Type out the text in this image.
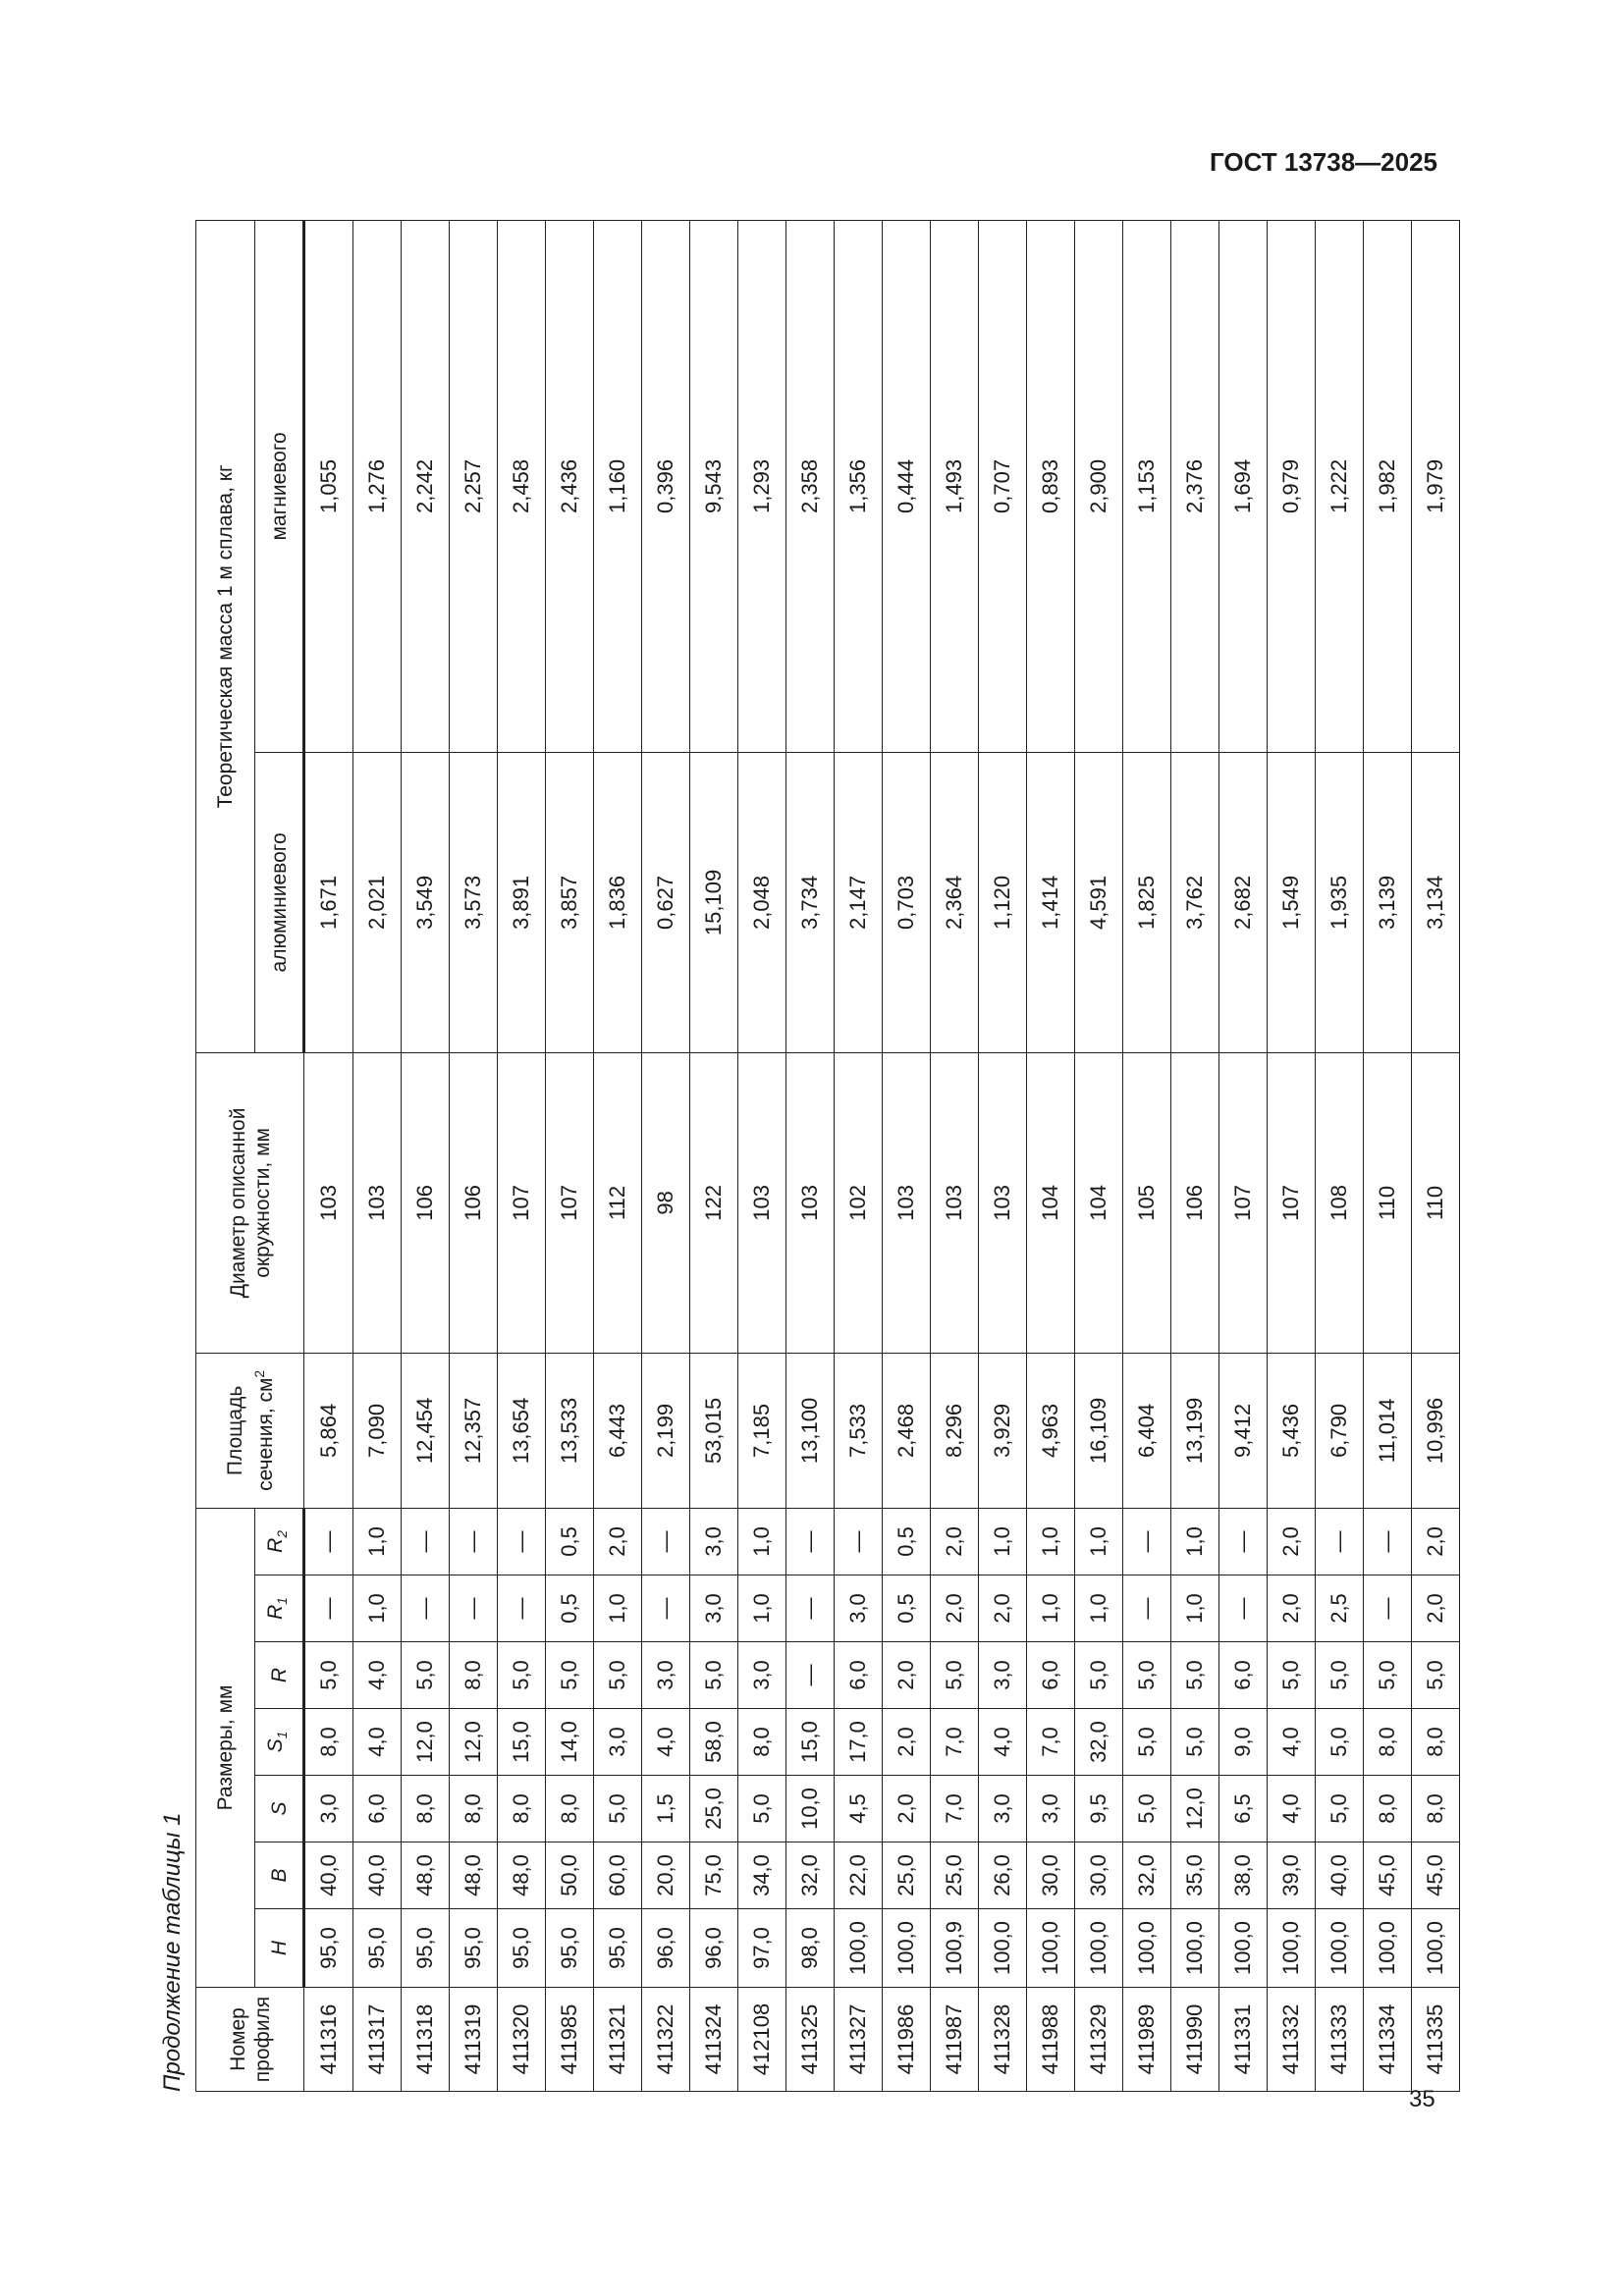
ГОСТ 13738—2025
Продолжение таблицы 1 Номер профиля	Размеры, мм							Площадь сечения, $см^2$	Диаметр описанной окружности, мм	Теоретическая масса 1 м сплава, кг	
	H	B	S	$S_1$	R	$R_1$	$R_2$			алюминиевого	магниевого
411316	95,0	40,0	3,0	8,0	5,0	—	—	5,864	103	1,671	1,055
411317	95,0	40,0	6,0	4,0	4,0	1,0	1,0	7,090	103	2,021	1,276
411318	95,0	48,0	8,0	12,0	5,0	—	—	12,454	106	3,549	2,242
411319	95,0	48,0	8,0	12,0	8,0	—	—	12,357	106	3,573	2,257
411320	95,0	48,0	8,0	15,0	5,0	—	—	13,654	107	3,891	2,458
411985	95,0	50,0	8,0	14,0	5,0	0,5	0,5	13,533	107	3,857	2,436
411321	95,0	60,0	5,0	3,0	5,0	1,0	2,0	6,443	112	1,836	1,160
411322	96,0	20,0	1,5	4,0	3,0	—	—	2,199	98	0,627	0,396
411324	96,0	75,0	25,0	58,0	5,0	3,0	3,0	53,015	122	15,109	9,543
412108	97,0	34,0	5,0	8,0	3,0	1,0	1,0	7,185	103	2,048	1,293
411325	98,0	32,0	10,0	15,0	—	—	—	13,100	103	3,734	2,358
411327	100,0	22,0	4,5	17,0	6,0	3,0	—	7,533	102	2,147	1,356
411986	100,0	25,0	2,0	2,0	2,0	0,5	0,5	2,468	103	0,703	0,444
411987	100,9	25,0	7,0	7,0	5,0	2,0	2,0	8,296	103	2,364	1,493
411328	100,0	26,0	3,0	4,0	3,0	2,0	1,0	3,929	103	1,120	0,707
411988	100,0	30,0	3,0	7,0	6,0	1,0	1,0	4,963	104	1,414	0,893
411329	100,0	30,0	9,5	32,0	5,0	1,0	1,0	16,109	104	4,591	2,900
411989	100,0	32,0	5,0	5,0	5,0	—	—	6,404	105	1,825	1,153
411990	100,0	35,0	12,0	5,0	5,0	1,0	1,0	13,199	106	3,762	2,376
411331	100,0	38,0	6,5	9,0	6,0	—	—	9,412	107	2,682	1,694
411332	100,0	39,0	4,0	4,0	5,0	2,0	2,0	5,436	107	1,549	0,979
411333	100,0	40,0	5,0	5,0	5,0	2,5	—	6,790	108	1,935	1,222
411334	100,0	45,0	8,0	8,0	5,0	—	—	11,014	110	3,139	1,982
411335	100,0	45,0	8,0	8,0	5,0	2,0	2,0	10,996	110	3,134	1,979
35
